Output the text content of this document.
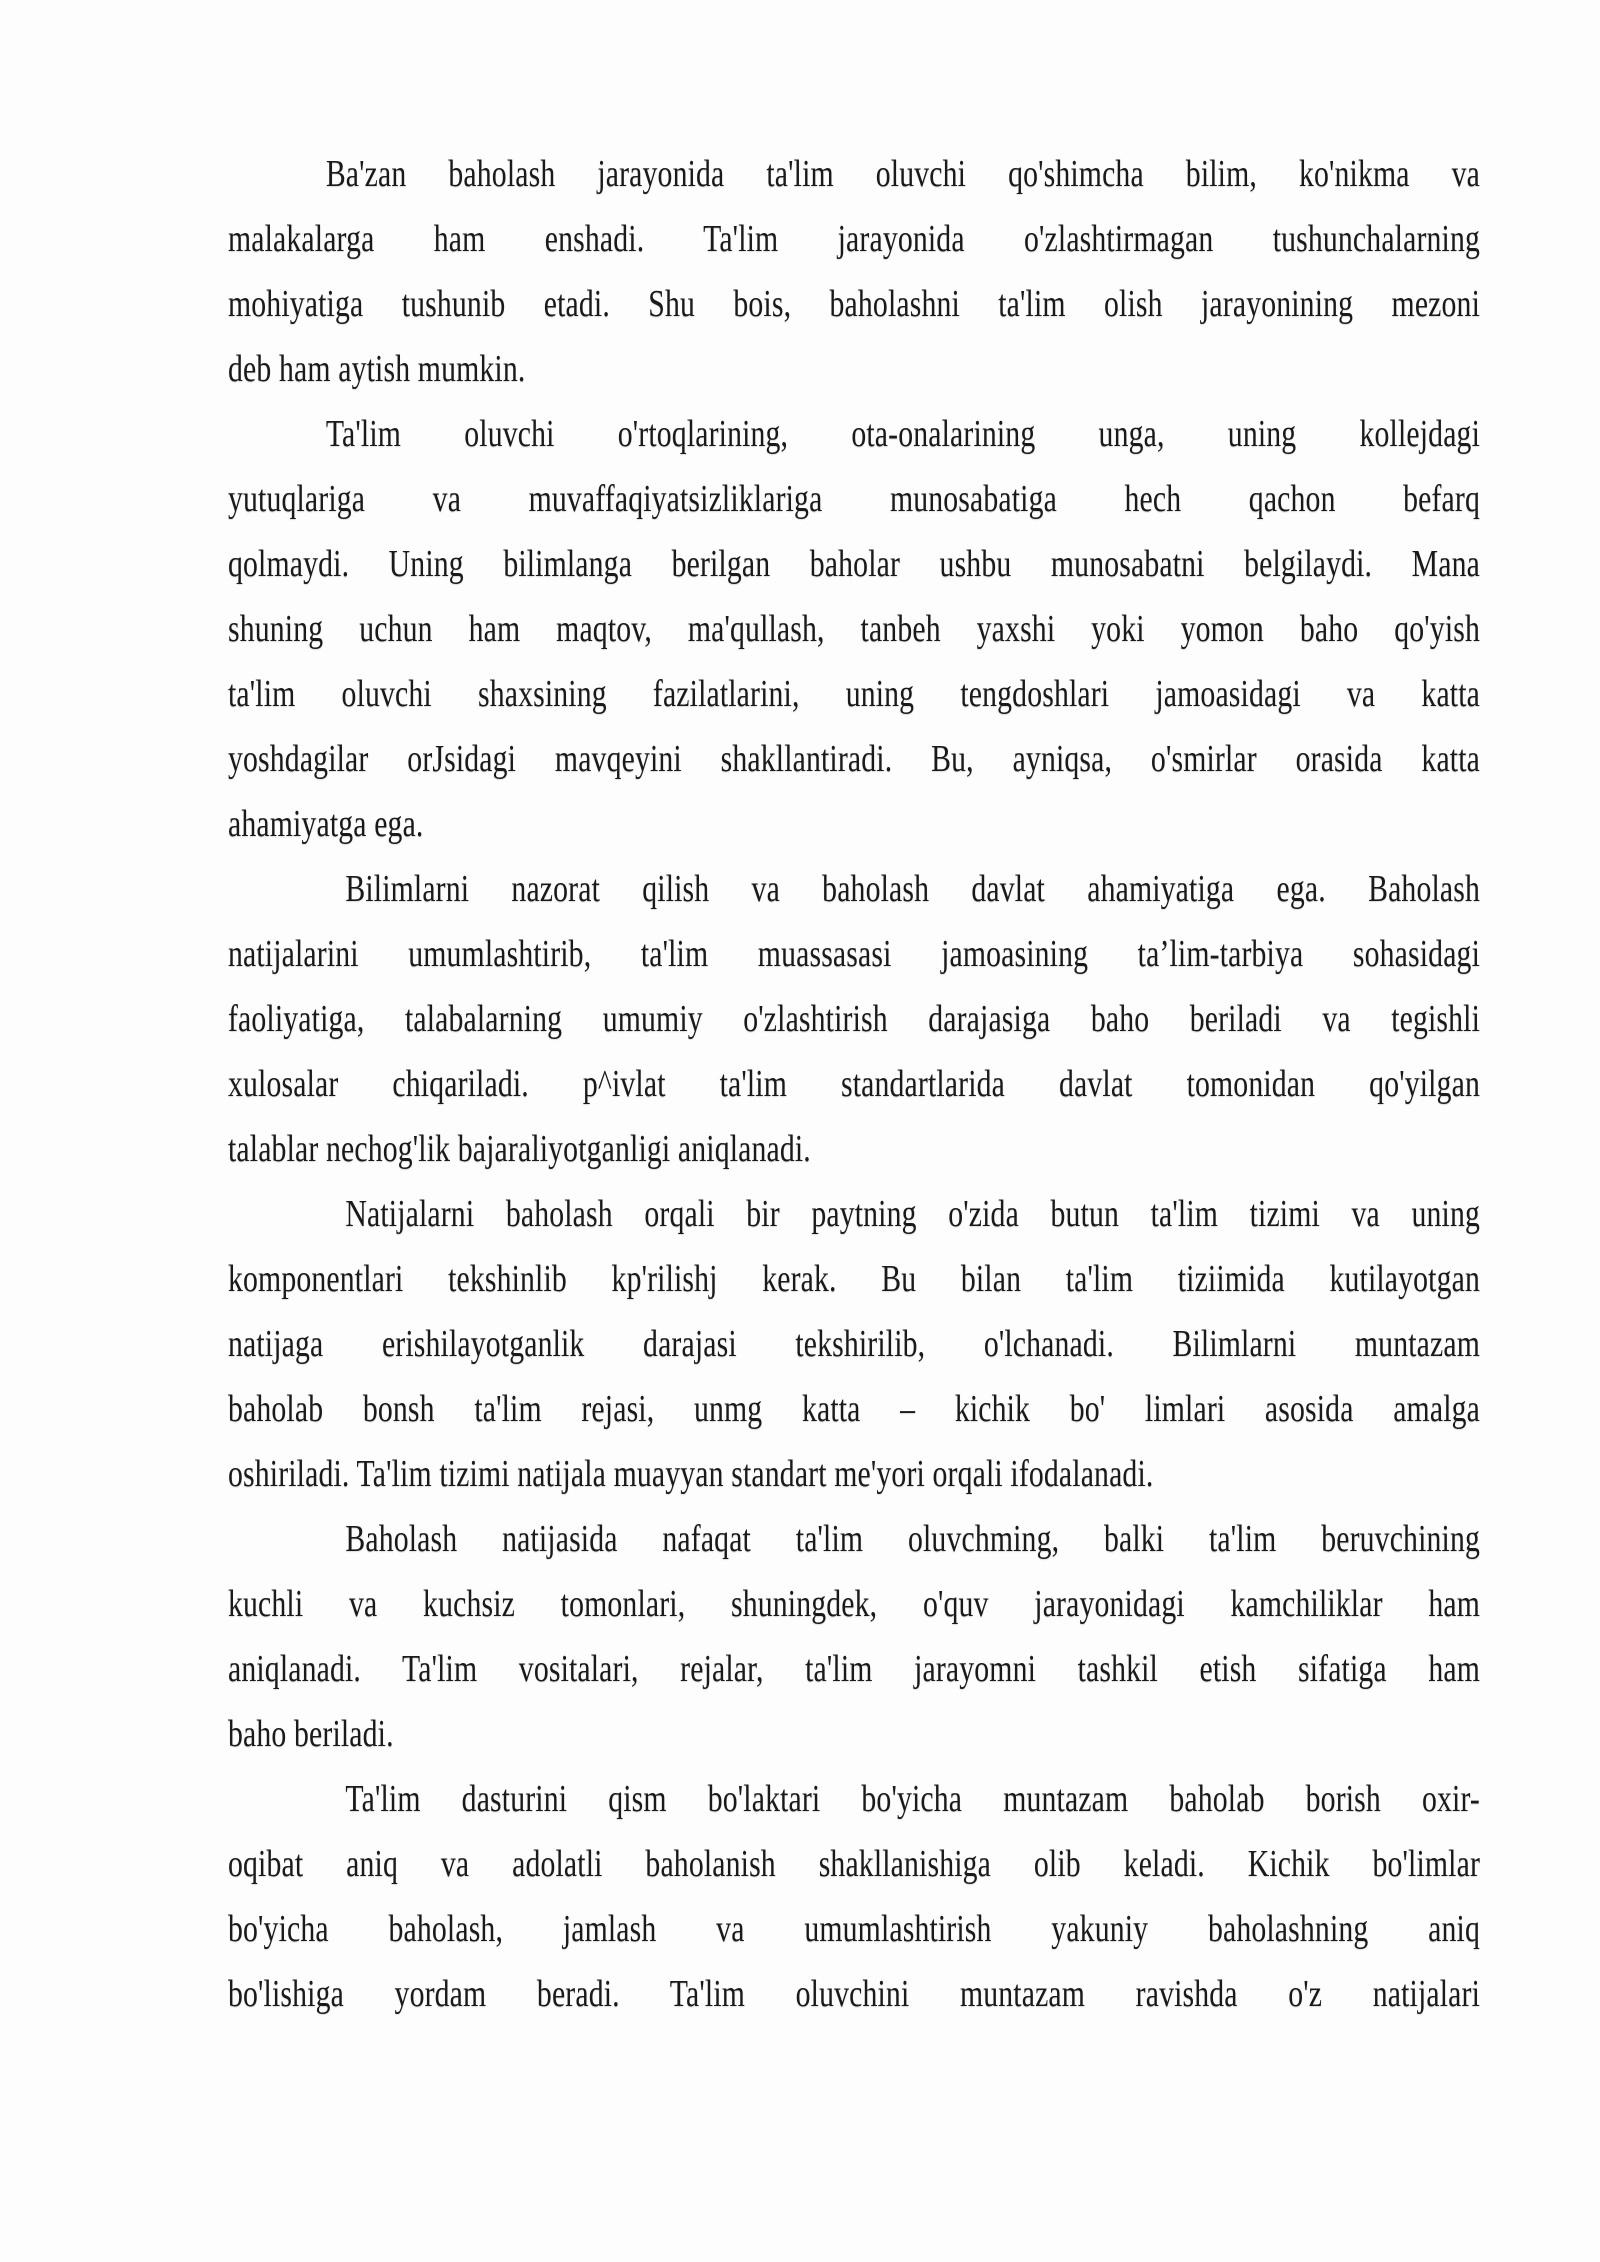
Ba'zan baholash jarayonida ta'lim oluvchi qo'shimcha bilim, ko'nikma va
malakalarga ham enshadi. Ta'lim jarayonida o'zlashtirmagan tushunchalarning
mohiyatiga tushunib etadi. Shu bois, baholashni ta'lim olish jarayonining mezoni
deb ham aytish mumkin.
Ta'lim oluvchi o'rtoqlarining, ota-onalarining unga, uning kollejdagi
yutuqlariga va muvaffaqiyatsizliklariga munosabatiga hech qachon befarq
qolmaydi. Uning bilimlanga berilgan baholar ushbu munosabatni belgilaydi. Mana
shuning uchun ham maqtov, ma'qullash, tanbeh yaxshi yoki yomon baho qo'yish
ta'lim oluvchi shaxsining fazilatlarini, uning tengdoshlari jamoasidagi va katta
yoshdagilar orJsidagi mavqeyini shakllantiradi. Bu, ayniqsa, o'smirlar orasida katta
ahamiyatga ega.
Bilimlarni nazorat qilish va baholash davlat ahamiyatiga ega. Baholash
natijalarini umumlashtirib, ta'lim muassasasi jamoasining ta’lim-tarbiya sohasidagi
faoliyatiga, talabalarning umumiy o'zlashtirish darajasiga baho beriladi va tegishli
xulosalar chiqariladi. p^ivlat ta'lim standartlarida davlat tomonidan qo'yilgan
talablar nechog'lik bajaraliyotganligi aniqlanadi.
Natijalarni baholash orqali bir paytning o'zida butun ta'lim tizimi va uning
komponentlari tekshinlib kp'rilishj kerak. Bu bilan ta'lim tiziimida kutilayotgan
natijaga erishilayotganlik darajasi tekshirilib, o'lchanadi. Bilimlarni muntazam
baholab bonsh ta'lim rejasi, unmg katta – kichik bo' limlari asosida amalga
oshiriladi. Ta'lim tizimi natijala muayyan standart me'yori orqali ifodalanadi.
Baholash natijasida nafaqat ta'lim oluvchming, balki ta'lim beruvchining
kuchli va kuchsiz tomonlari, shuningdek, o'quv jarayonidagi kamchiliklar ham
aniqlanadi. Ta'lim vositalari, rejalar, ta'lim jarayomni tashkil etish sifatiga ham
baho beriladi.
Ta'lim dasturini qism bo'laktari bo'yicha muntazam baholab borish oxir-
oqibat aniq va adolatli baholanish shakllanishiga olib keladi. Kichik bo'limlar
bo'yicha baholash, jamlash va umumlashtirish yakuniy baholashning aniq
bo'lishiga yordam beradi. Ta'lim oluvchini muntazam ravishda o'z natijalari
